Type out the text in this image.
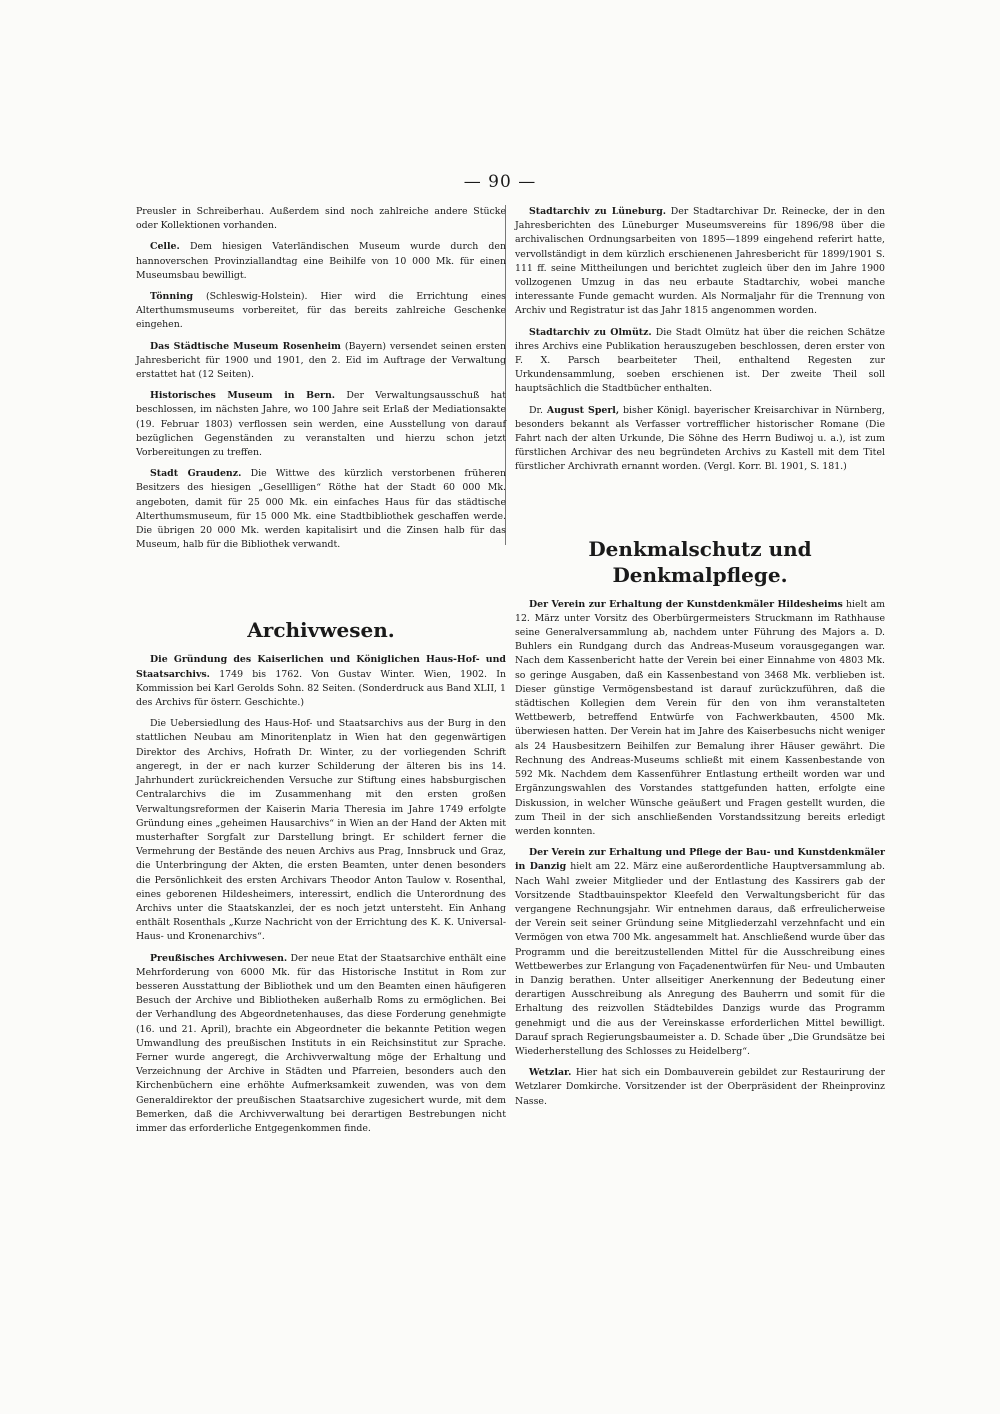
— 90 —

Preusler in Schreiberhau. Außerdem sind noch zahlreiche andere Stücke oder Kollektionen vorhanden.

Celle. Dem hiesigen Vaterländischen Museum wurde durch den hannoverschen Provinziallandtag eine Beihilfe von 10 000 Mk. für einen Museumsbau bewilligt.

Tönning (Schleswig-Holstein). Hier wird die Errichtung eines Alterthumsmuseums vorbereitet, für das bereits zahlreiche Geschenke eingehen.

Das Städtische Museum Rosenheim (Bayern) versendet seinen ersten Jahresbericht für 1900 und 1901, den 2. Eid im Auftrage der Verwaltung erstattet hat (12 Seiten).

Historisches Museum in Bern. Der Verwaltungsausschuß hat beschlossen, im nächsten Jahre, wo 100 Jahre seit Erlaß der Mediationsakte (19. Februar 1803) verflossen sein werden, eine Ausstellung von darauf bezüglichen Gegenständen zu veranstalten und hierzu schon jetzt Vorbereitungen zu treffen.

Stadt Graudenz. Die Wittwe des kürzlich verstorbenen früheren Besitzers des hiesigen „Gesellligen“ Röthe hat der Stadt 60 000 Mk. angeboten, damit für 25 000 Mk. ein einfaches Haus für das städtische Alterthumsmuseum, für 15 000 Mk. eine Stadtbibliothek geschaffen werde. Die übrigen 20 000 Mk. werden kapitalisirt und die Zinsen halb für das Museum, halb für die Bibliothek verwandt.

Archivwesen.

Die Gründung des Kaiserlichen und Königlichen Haus-Hof- und Staatsarchivs. 1749 bis 1762. Von Gustav Winter. Wien, 1902. In Kommission bei Karl Gerolds Sohn. 82 Seiten. (Sonderdruck aus Band XLII, 1 des Archivs für österr. Geschichte.)

Die Uebersiedlung des Haus-Hof- und Staatsarchivs aus der Burg in den stattlichen Neubau am Minoritenplatz in Wien hat den gegenwärtigen Direktor des Archivs, Hofrath Dr. Winter, zu der vorliegenden Schrift angeregt, in der er nach kurzer Schilderung der älteren bis ins 14. Jahrhundert zurückreichenden Versuche zur Stiftung eines habsburgischen Centralarchivs die im Zusammenhang mit den ersten großen Verwaltungsreformen der Kaiserin Maria Theresia im Jahre 1749 erfolgte Gründung eines „geheimen Hausarchivs“ in Wien an der Hand der Akten mit musterhafter Sorgfalt zur Darstellung bringt. Er schildert ferner die Vermehrung der Bestände des neuen Archivs aus Prag, Innsbruck und Graz, die Unterbringung der Akten, die ersten Beamten, unter denen besonders die Persönlichkeit des ersten Archivars Theodor Anton Taulow v. Rosenthal, eines geborenen Hildesheimers, interessirt, endlich die Unterordnung des Archivs unter die Staatskanzlei, der es noch jetzt untersteht. Ein Anhang enthält Rosenthals „Kurze Nachricht von der Errichtung des K. K. Universal-Haus- und Kronenarchivs“.

Preußisches Archivwesen. Der neue Etat der Staatsarchive enthält eine Mehrforderung von 6000 Mk. für das Historische Institut in Rom zur besseren Ausstattung der Bibliothek und um den Beamten einen häufigeren Besuch der Archive und Bibliotheken außerhalb Roms zu ermöglichen. Bei der Verhandlung des Abgeordnetenhauses, das diese Forderung genehmigte (16. und 21. April), brachte ein Abgeordneter die bekannte Petition wegen Umwandlung des preußischen Instituts in ein Reichsinstitut zur Sprache. Ferner wurde angeregt, die Archivverwaltung möge der Erhaltung und Verzeichnung der Archive in Städten und Pfarreien, besonders auch den Kirchenbüchern eine erhöhte Aufmerksamkeit zuwenden, was von dem Generaldirektor der preußischen Staatsarchive zugesichert wurde, mit dem Bemerken, daß die Archivverwaltung bei derartigen Bestrebungen nicht immer das erforderliche Entgegenkommen finde.

Stadtarchiv zu Lüneburg. Der Stadtarchivar Dr. Reinecke, der in den Jahresberichten des Lüneburger Museumsvereins für 1896/98 über die archivalischen Ordnungsarbeiten von 1895—1899 eingehend referirt hatte, vervollständigt in dem kürzlich erschienenen Jahresbericht für 1899/1901 S. 111 ff. seine Mittheilungen und berichtet zugleich über den im Jahre 1900 vollzogenen Umzug in das neu erbaute Stadtarchiv, wobei manche interessante Funde gemacht wurden. Als Normaljahr für die Trennung von Archiv und Registratur ist das Jahr 1815 angenommen worden.

Stadtarchiv zu Olmütz. Die Stadt Olmütz hat über die reichen Schätze ihres Archivs eine Publikation herauszugeben beschlossen, deren erster von F. X. Parsch bearbeiteter Theil, enthaltend Regesten zur Urkundensammlung, soeben erschienen ist. Der zweite Theil soll hauptsächlich die Stadtbücher enthalten.

Dr. August Sperl, bisher Königl. bayerischer Kreisarchivar in Nürnberg, besonders bekannt als Verfasser vortrefflicher historischer Romane (Die Fahrt nach der alten Urkunde, Die Söhne des Herrn Budiwoj u. a.), ist zum fürstlichen Archivar des neu begründeten Archivs zu Kastell mit dem Titel fürstlicher Archivrath ernannt worden. (Vergl. Korr. Bl. 1901, S. 181.)

Denkmalschutz und Denkmalpflege.

Der Verein zur Erhaltung der Kunstdenkmäler Hildesheims hielt am 12. März unter Vorsitz des Oberbürgermeisters Struckmann im Rathhause seine Generalversammlung ab, nachdem unter Führung des Majors a. D. Buhlers ein Rundgang durch das Andreas-Museum vorausgegangen war. Nach dem Kassenbericht hatte der Verein bei einer Einnahme von 4803 Mk. so geringe Ausgaben, daß ein Kassenbestand von 3468 Mk. verblieben ist. Dieser günstige Vermögensbestand ist darauf zurückzuführen, daß die städtischen Kollegien dem Verein für den von ihm veranstalteten Wettbewerb, betreffend Entwürfe von Fachwerkbauten, 4500 Mk. überwiesen hatten. Der Verein hat im Jahre des Kaiserbesuchs nicht weniger als 24 Hausbesitzern Beihilfen zur Bemalung ihrer Häuser gewährt. Die Rechnung des Andreas-Museums schließt mit einem Kassenbestande von 592 Mk. Nachdem dem Kassenführer Entlastung ertheilt worden war und Ergänzungswahlen des Vorstandes stattgefunden hatten, erfolgte eine Diskussion, in welcher Wünsche geäußert und Fragen gestellt wurden, die zum Theil in der sich anschließenden Vorstandssitzung bereits erledigt werden konnten.

Der Verein zur Erhaltung und Pflege der Bau- und Kunstdenkmäler in Danzig hielt am 22. März eine außerordentliche Hauptversammlung ab. Nach Wahl zweier Mitglieder und der Entlastung des Kassirers gab der Vorsitzende Stadtbauinspektor Kleefeld den Verwaltungsbericht für das vergangene Rechnungsjahr. Wir entnehmen daraus, daß erfreulicherweise der Verein seit seiner Gründung seine Mitgliederzahl verzehnfacht und ein Vermögen von etwa 700 Mk. angesammelt hat. Anschließend wurde über das Programm und die bereitzustellenden Mittel für die Ausschreibung eines Wettbewerbes zur Erlangung von Façadenentwürfen für Neu- und Umbauten in Danzig berathen. Unter allseitiger Anerkennung der Bedeutung einer derartigen Ausschreibung als Anregung des Bauherrn und somit für die Erhaltung des reizvollen Städtebildes Danzigs wurde das Programm genehmigt und die aus der Vereinskasse erforderlichen Mittel bewilligt. Darauf sprach Regierungsbaumeister a. D. Schade über „Die Grundsätze bei Wiederherstellung des Schlosses zu Heidelberg“.

Wetzlar. Hier hat sich ein Dombauverein gebildet zur Restaurirung der Wetzlarer Domkirche. Vorsitzender ist der Oberpräsident der Rheinprovinz Nasse.
